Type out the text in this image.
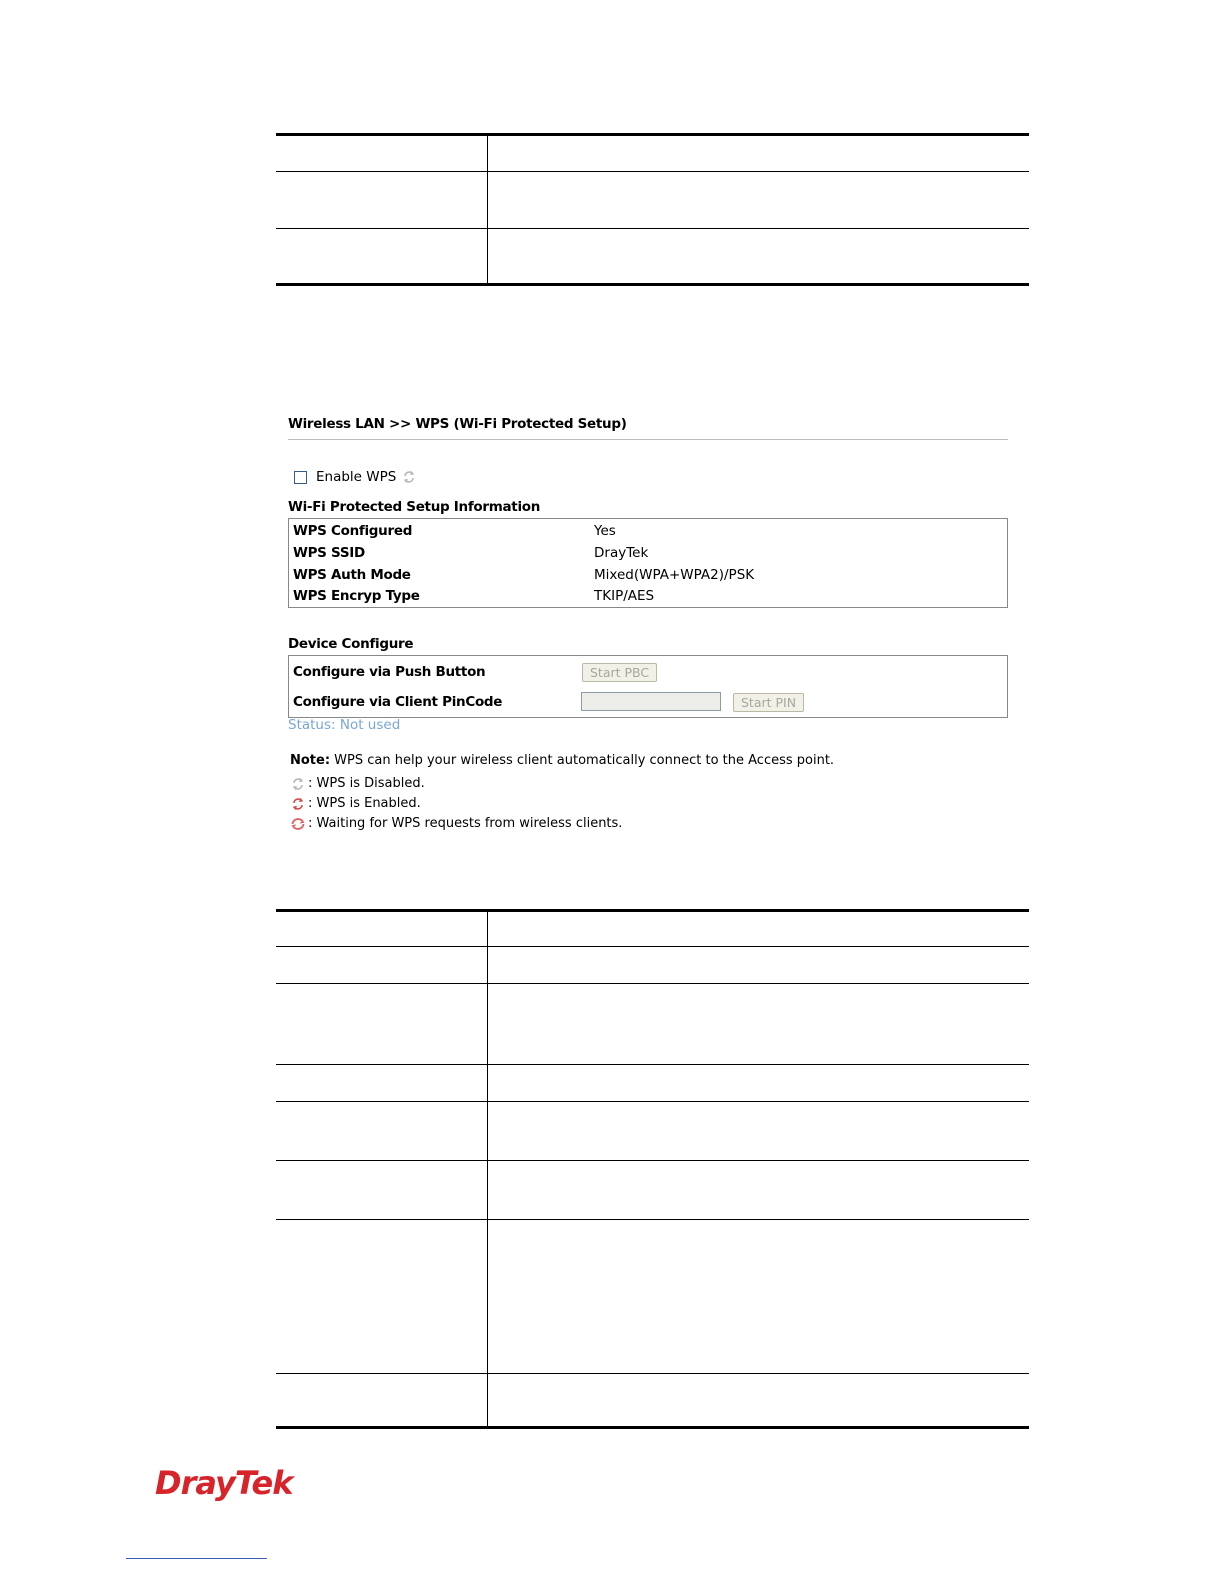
Wireless LAN >> WPS (Wi-Fi Protected Setup)
Enable WPS
Wi-Fi Protected Setup Information
WPS Configured	Yes
WPS SSID	DrayTek
WPS Auth Mode	Mixed(WPA+WPA2)/PSK
WPS Encryp Type	TKIP/AES
Device Configure
Configure via Push Button	Start PBC
Configure via Client PinCode	Start PIN
Status: Not used
Note: WPS can help your wireless client automatically connect to the Access point.
: WPS is Disabled.
: WPS is Enabled.
: Waiting for WPS requests from wireless clients.
DrayTek
